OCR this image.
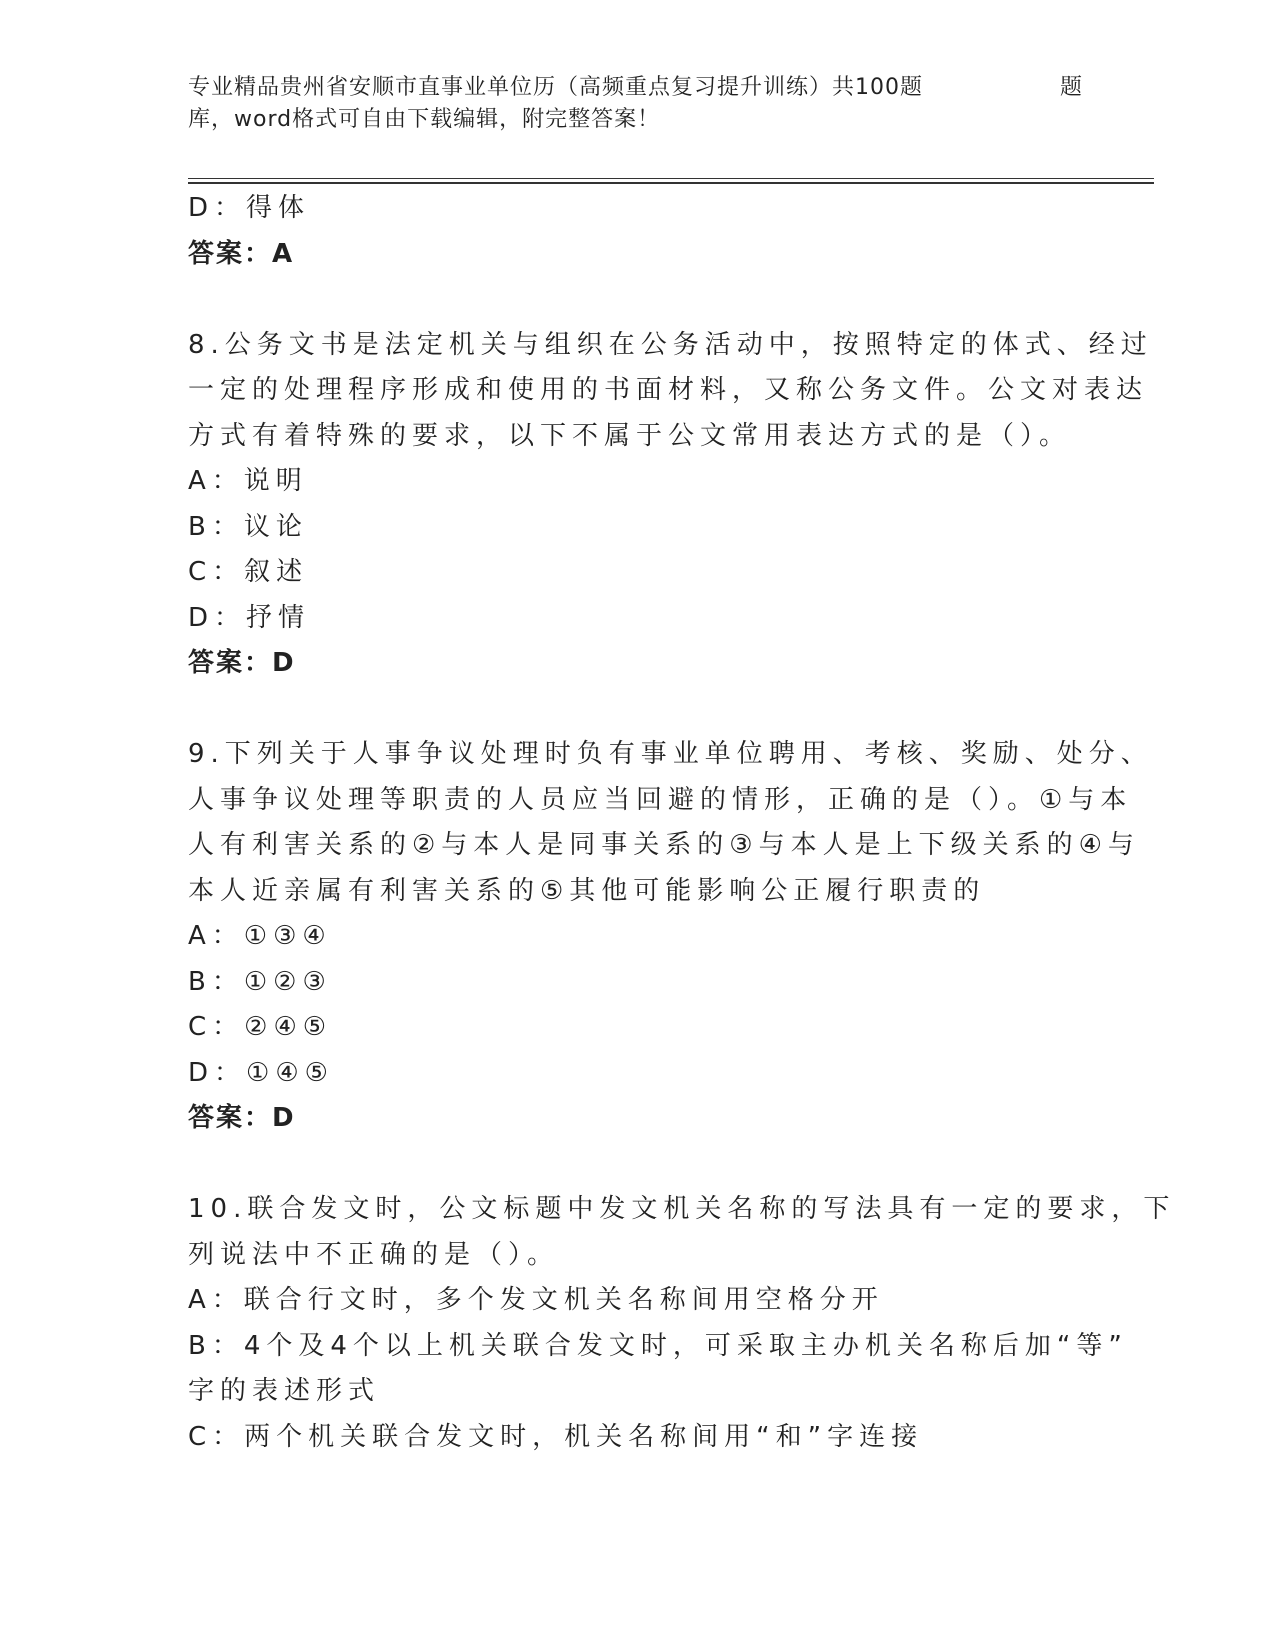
专业精品贵州省安顺市直事业单位历（高频重点复习提升训练）共100题	题
库，word格式可自由下载编辑，附完整答案！
D：得体
答案：A
8.公务文书是法定机关与组织在公务活动中，按照特定的体式、经过
一定的处理程序形成和使用的书面材料，又称公务文件。公文对表达
方式有着特殊的要求，以下不属于公文常用表达方式的是（）。
A：说明
B：议论
C：叙述
D：抒情
答案：D
9.下列关于人事争议处理时负有事业单位聘用、考核、奖励、处分、
人事争议处理等职责的人员应当回避的情形，正确的是（）。①与本
人有利害关系的②与本人是同事关系的③与本人是上下级关系的④与
本人近亲属有利害关系的⑤其他可能影响公正履行职责的
A：①③④
B：①②③
C：②④⑤
D：①④⑤
答案：D
10.联合发文时，公文标题中发文机关名称的写法具有一定的要求，下
列说法中不正确的是（）。
A：联合行文时，多个发文机关名称间用空格分开
B：4个及4个以上机关联合发文时，可采取主办机关名称后加“等”
字的表述形式
C：两个机关联合发文时，机关名称间用“和”字连接
